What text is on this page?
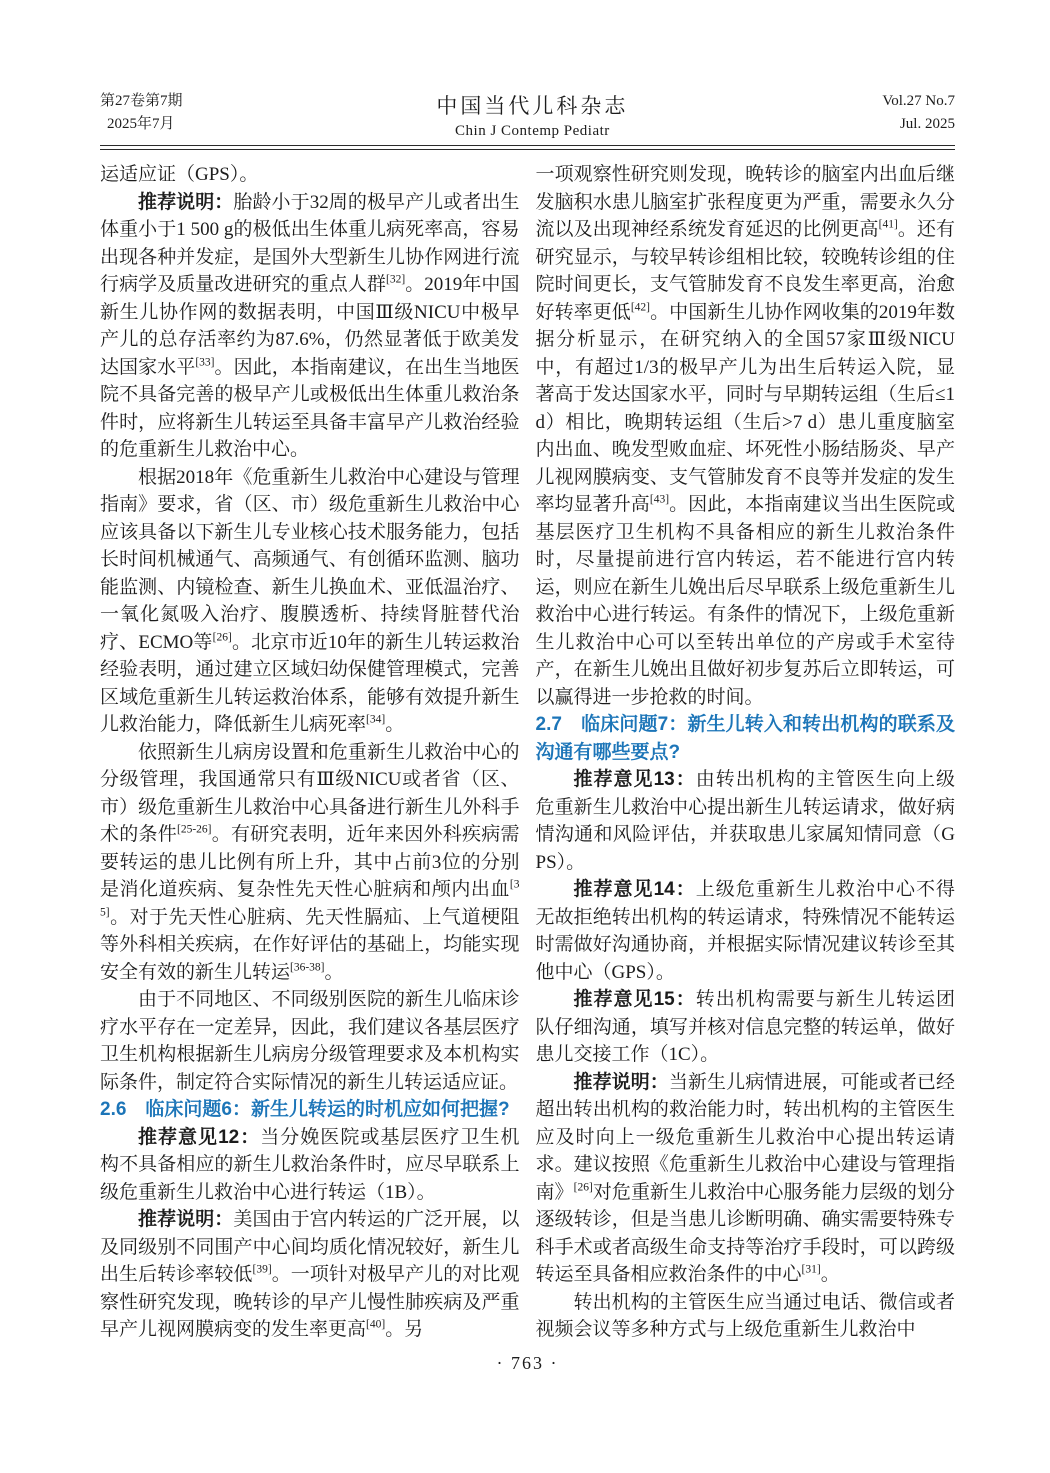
第27卷第7期
2025年7月
中国当代儿科杂志
Chin J Contemp Pediatr
Vol.27 No.7
Jul. 2025

运适应证（GPS）。

推荐说明：胎龄小于32周的极早产儿或者出生体重小于1 500 g的极低出生体重儿病死率高，容易出现各种并发症，是国外大型新生儿协作网进行流行病学及质量改进研究的重点人群[32]。2019年中国新生儿协作网的数据表明，中国Ⅲ级NICU中极早产儿的总存活率约为87.6%，仍然显著低于欧美发达国家水平[33]。因此，本指南建议，在出生当地医院不具备完善的极早产儿或极低出生体重儿救治条件时，应将新生儿转运至具备丰富早产儿救治经验的危重新生儿救治中心。

根据2018年《危重新生儿救治中心建设与管理指南》要求，省（区、市）级危重新生儿救治中心应该具备以下新生儿专业核心技术服务能力，包括长时间机械通气、高频通气、有创循环监测、脑功能监测、内镜检查、新生儿换血术、亚低温治疗、一氧化氮吸入治疗、腹膜透析、持续肾脏替代治疗、ECMO等[26]。北京市近10年的新生儿转运救治经验表明，通过建立区域妇幼保健管理模式，完善区域危重新生儿转运救治体系，能够有效提升新生儿救治能力，降低新生儿病死率[34]。

依照新生儿病房设置和危重新生儿救治中心的分级管理，我国通常只有Ⅲ级NICU或者省（区、市）级危重新生儿救治中心具备进行新生儿外科手术的条件[25-26]。有研究表明，近年来因外科疾病需要转运的患儿比例有所上升，其中占前3位的分别是消化道疾病、复杂性先天性心脏病和颅内出血[35]。对于先天性心脏病、先天性膈疝、上气道梗阻等外科相关疾病，在作好评估的基础上，均能实现安全有效的新生儿转运[36-38]。

由于不同地区、不同级别医院的新生儿临床诊疗水平存在一定差异，因此，我们建议各基层医疗卫生机构根据新生儿病房分级管理要求及本机构实际条件，制定符合实际情况的新生儿转运适应证。

2.6　临床问题6：新生儿转运的时机应如何把握?

推荐意见12：当分娩医院或基层医疗卫生机构不具备相应的新生儿救治条件时，应尽早联系上级危重新生儿救治中心进行转运（1B）。

推荐说明：美国由于宫内转运的广泛开展，以及同级别不同围产中心间均质化情况较好，新生儿出生后转诊率较低[39]。一项针对极早产儿的对比观察性研究发现，晚转诊的早产儿慢性肺疾病及严重早产儿视网膜病变的发生率更高[40]。另

一项观察性研究则发现，晚转诊的脑室内出血后继发脑积水患儿脑室扩张程度更为严重，需要永久分流以及出现神经系统发育延迟的比例更高[41]。还有研究显示，与较早转诊组相比较，较晚转诊组的住院时间更长，支气管肺发育不良发生率更高，治愈好转率更低[42]。中国新生儿协作网收集的2019年数据分析显示，在研究纳入的全国57家Ⅲ级NICU中，有超过1/3的极早产儿为出生后转运入院，显著高于发达国家水平，同时与早期转运组（生后≤1 d）相比，晚期转运组（生后>7 d）患儿重度脑室内出血、晚发型败血症、坏死性小肠结肠炎、早产儿视网膜病变、支气管肺发育不良等并发症的发生率均显著升高[43]。因此，本指南建议当出生医院或基层医疗卫生机构不具备相应的新生儿救治条件时，尽量提前进行宫内转运，若不能进行宫内转运，则应在新生儿娩出后尽早联系上级危重新生儿救治中心进行转运。有条件的情况下，上级危重新生儿救治中心可以至转出单位的产房或手术室待产，在新生儿娩出且做好初步复苏后立即转运，可以赢得进一步抢救的时间。

2.7　临床问题7：新生儿转入和转出机构的联系及沟通有哪些要点?

推荐意见13：由转出机构的主管医生向上级危重新生儿救治中心提出新生儿转运请求，做好病情沟通和风险评估，并获取患儿家属知情同意（GPS）。

推荐意见14：上级危重新生儿救治中心不得无故拒绝转出机构的转运请求，特殊情况不能转运时需做好沟通协商，并根据实际情况建议转诊至其他中心（GPS）。

推荐意见15：转出机构需要与新生儿转运团队仔细沟通，填写并核对信息完整的转运单，做好患儿交接工作（1C）。

推荐说明：当新生儿病情进展，可能或者已经超出转出机构的救治能力时，转出机构的主管医生应及时向上一级危重新生儿救治中心提出转运请求。建议按照《危重新生儿救治中心建设与管理指南》[26]对危重新生儿救治中心服务能力层级的划分逐级转诊，但是当患儿诊断明确、确实需要特殊专科手术或者高级生命支持等治疗手段时，可以跨级转运至具备相应救治条件的中心[31]。

转出机构的主管医生应当通过电话、微信或者视频会议等多种方式与上级危重新生儿救治中

· 763 ·
